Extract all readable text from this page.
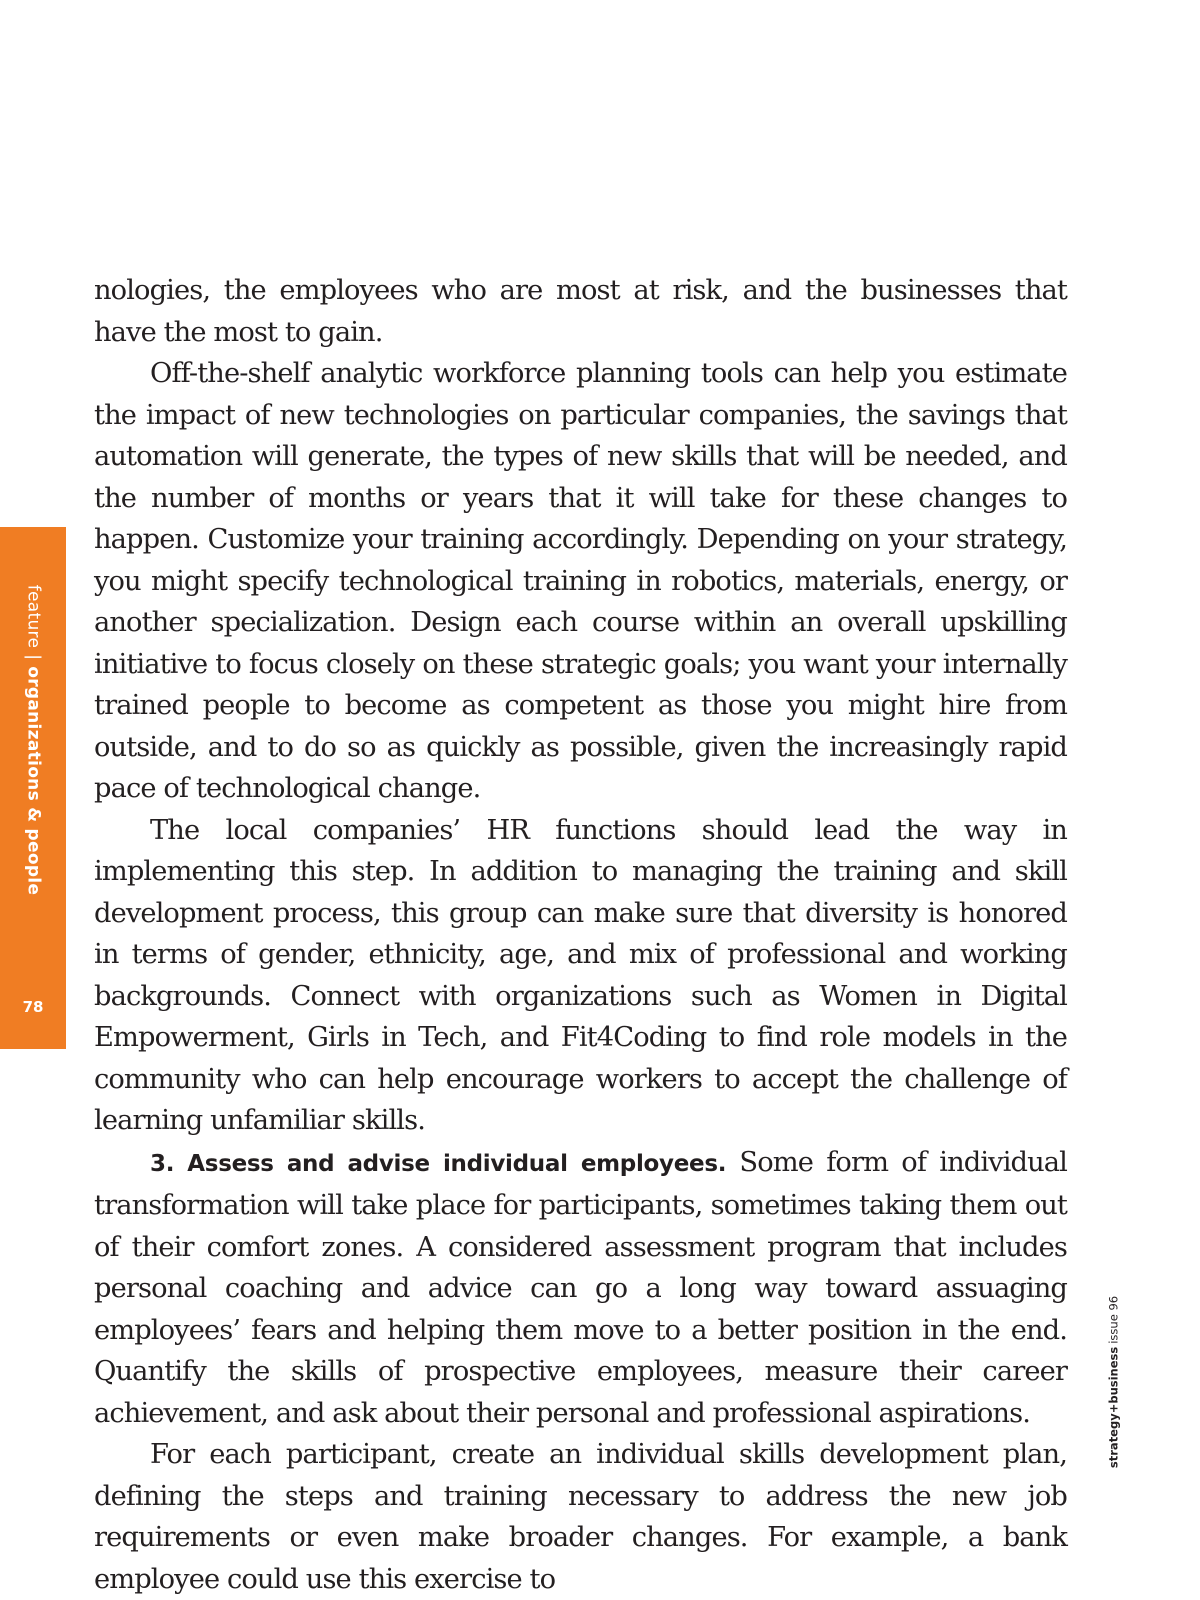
feature|organizations & people
78
strategy+businessissue 96

nologies, the employees who are most at risk, and the businesses that have the most to gain.

Off-the-shelf analytic workforce planning tools can help you estimate the impact of new technologies on particular companies, the savings that automation will generate, the types of new skills that will be needed, and the number of months or years that it will take for these changes to happen. Customize your training accordingly. Depending on your strategy, you might specify technological training in robotics, materials, energy, or another specialization. Design each course within an overall upskilling initiative to focus closely on these strategic goals; you want your internally trained people to become as competent as those you might hire from outside, and to do so as quickly as possible, given the increasingly rapid pace of technological change.

The local companies’ HR functions should lead the way in implementing this step. In addition to managing the training and skill development process, this group can make sure that diversity is honored in terms of gender, ethnicity, age, and mix of professional and working backgrounds. Connect with organizations such as Women in Digital Empowerment, Girls in Tech, and Fit4Coding to find role models in the community who can help encourage workers to accept the challenge of learning unfamiliar skills.

3. Assess and advise individual employees. Some form of individual transformation will take place for participants, sometimes taking them out of their comfort zones. A considered assessment program that includes personal coaching and advice can go a long way toward assuaging employees’ fears and helping them move to a better position in the end. Quantify the skills of prospective employees, measure their career achievement, and ask about their personal and professional aspirations.

For each participant, create an individual skills development plan, defining the steps and training necessary to address the new job requirements or even make broader changes. For example, a bank employee could use this exercise to
